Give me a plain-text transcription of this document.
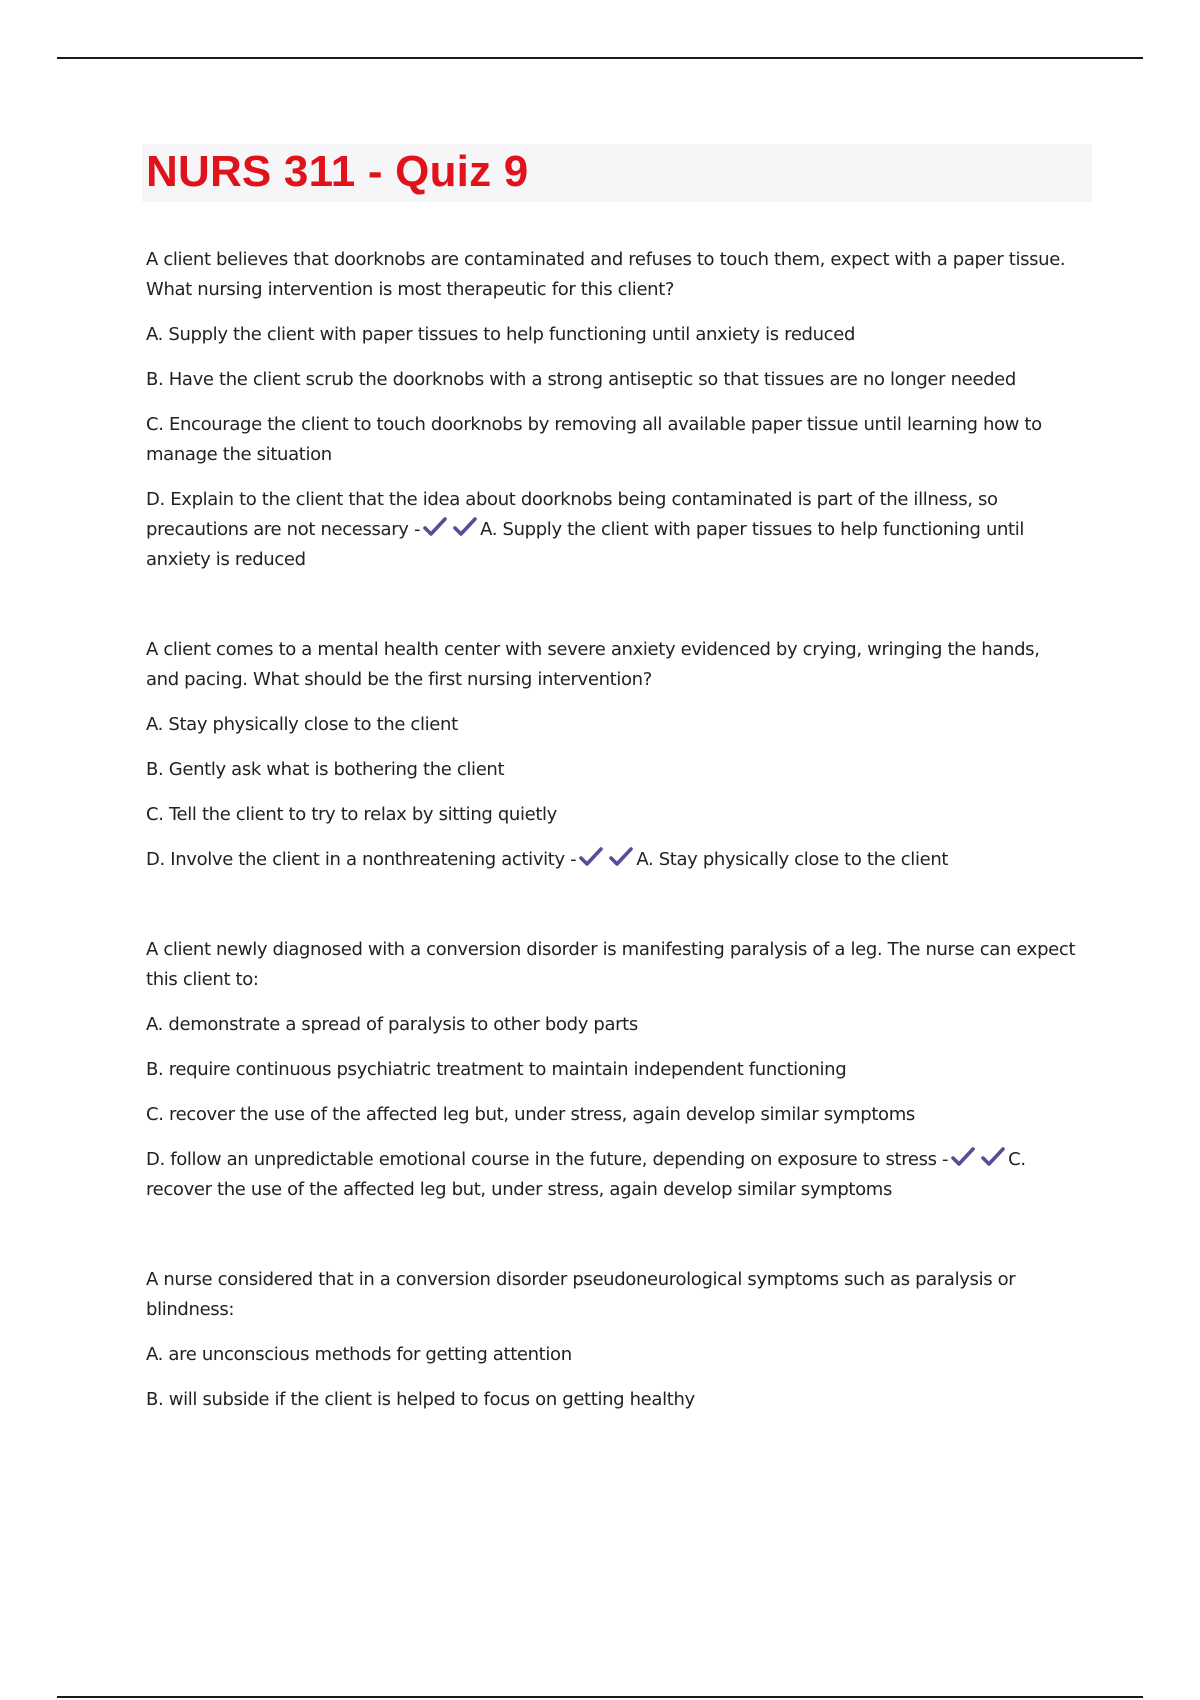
NURS 311 - Quiz 9

A client believes that doorknobs are contaminated and refuses to touch them, expect with a paper tissue. What nursing intervention is most therapeutic for this client?

A. Supply the client with paper tissues to help functioning until anxiety is reduced

B. Have the client scrub the doorknobs with a strong antiseptic so that tissues are no longer needed

C. Encourage the client to touch doorknobs by removing all available paper tissue until learning how to manage the situation

D. Explain to the client that the idea about doorknobs being contaminated is part of the illness, so precautions are not necessary -	A. Supply the client with paper tissues to help functioning until anxiety is reduced

A client comes to a mental health center with severe anxiety evidenced by crying, wringing the hands, and pacing. What should be the first nursing intervention?

A. Stay physically close to the client

B. Gently ask what is bothering the client

C. Tell the client to try to relax by sitting quietly

D. Involve the client in a nonthreatening activity -	A. Stay physically close to the client

A client newly diagnosed with a conversion disorder is manifesting paralysis of a leg. The nurse can expect this client to:

A. demonstrate a spread of paralysis to other body parts

B. require continuous psychiatric treatment to maintain independent functioning

C. recover the use of the affected leg but, under stress, again develop similar symptoms

D. follow an unpredictable emotional course in the future, depending on exposure to stress -	C. recover the use of the affected leg but, under stress, again develop similar symptoms

A nurse considered that in a conversion disorder pseudoneurological symptoms such as paralysis or blindness:

A. are unconscious methods for getting attention

B. will subside if the client is helped to focus on getting healthy
